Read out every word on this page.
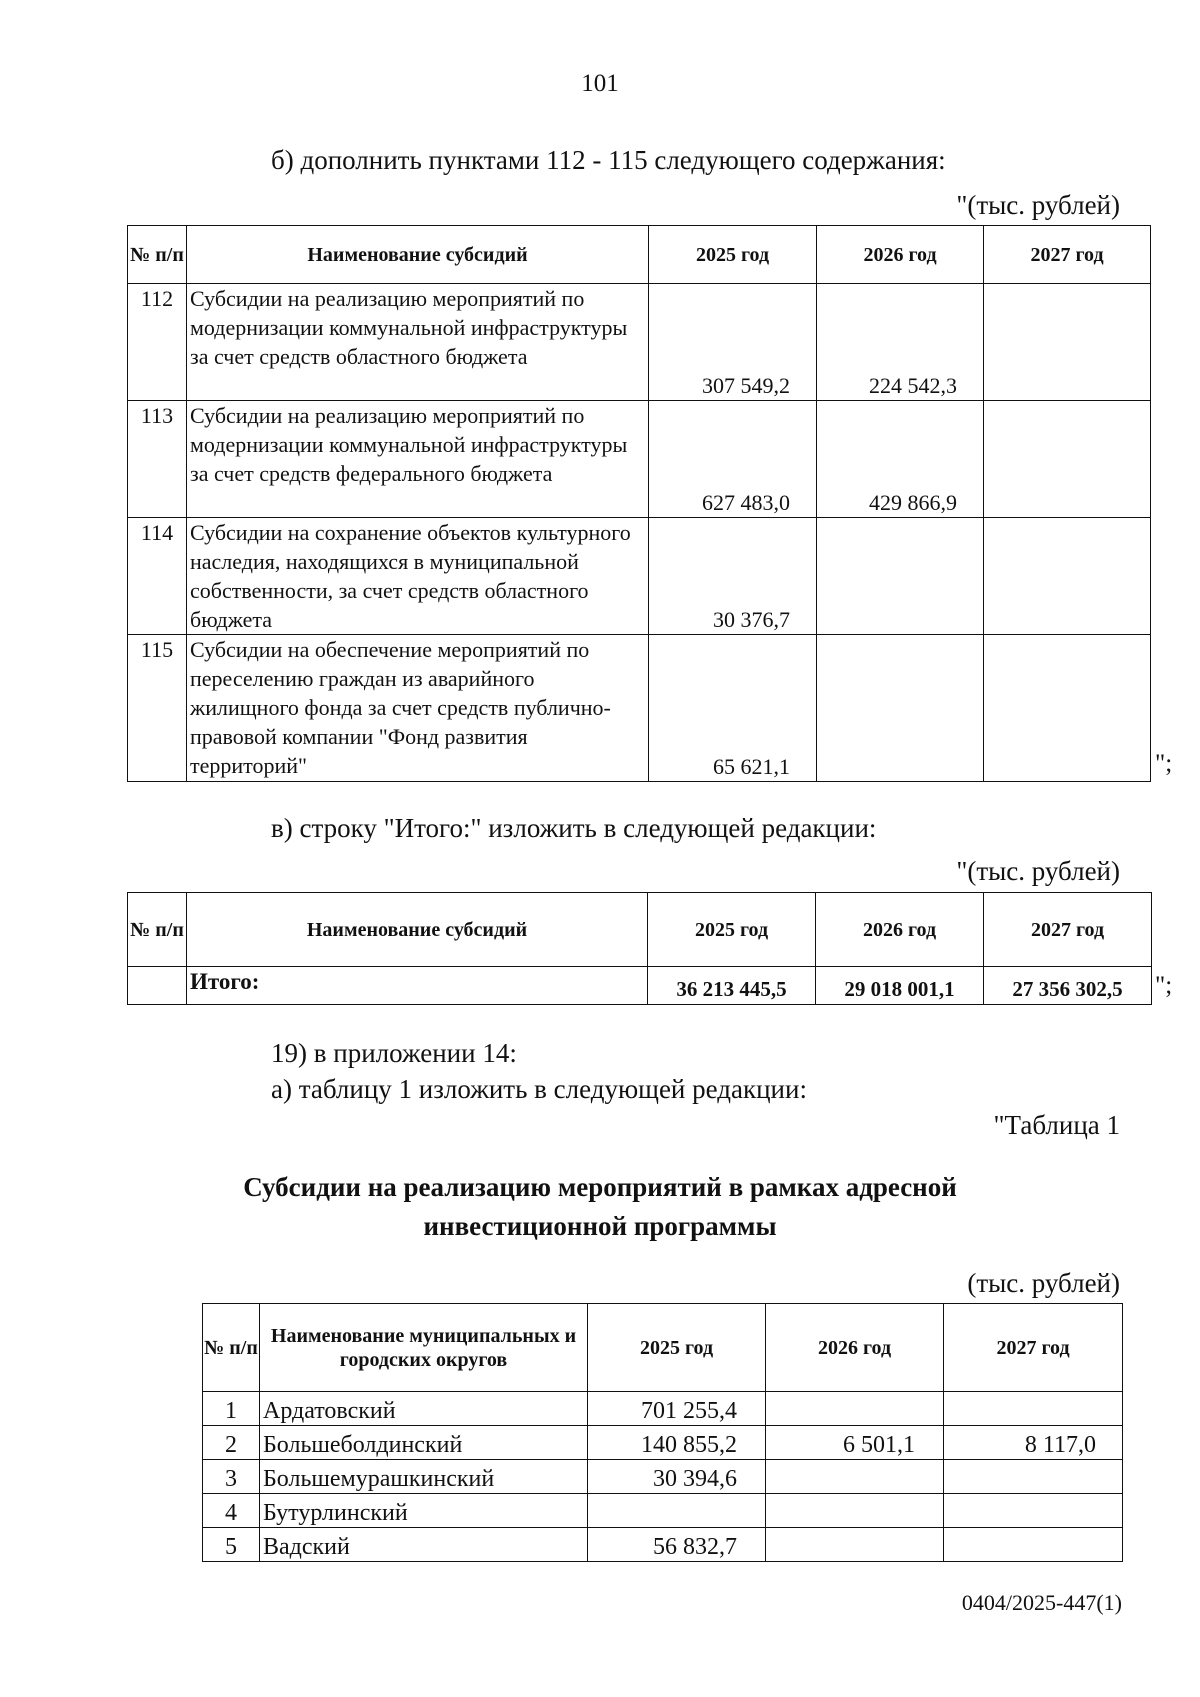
101
б) дополнить пунктами 112 - 115 следующего содержания:
"(тыс. рублей)
№ п/п	Наименование субсидий	2025 год	2026 год	2027 год
112	Субсидии на реализацию мероприятий по модернизации коммунальной инфраструктуры за счет средств областного бюджета	307 549,2	224 542,3	
113	Субсидии на реализацию мероприятий по модернизации коммунальной инфраструктуры за счет средств федерального бюджета	627 483,0	429 866,9	
114	Субсидии на сохранение объектов культурного наследия, находящихся в муниципальной собственности, за счет средств областного бюджета	30 376,7		
115	Субсидии на обеспечение мероприятий по переселению граждан из аварийного жилищного фонда за счет средств публично-правовой компании "Фонд развития территорий"	65 621,1			";
в) строку "Итого:" изложить в следующей редакции:
"(тыс. рублей)
№ п/п	Наименование субсидий	2025 год	2026 год	2027 год
	Итого:	36 213 445,5	29 018 001,1	27 356 302,5 ";
19) в приложении 14:
а) таблицу 1 изложить в следующей редакции:
"Таблица 1
Субсидии на реализацию мероприятий в рамках адресной
инвестиционной программы
(тыс. рублей)
№ п/п	Наименование муниципальных и городских округов	2025 год	2026 год	2027 год
1	Ардатовский	701 255,4		
2	Большеболдинский	140 855,2	6 501,1	8 117,0
3	Большемурашкинский	30 394,6		
4	Бутурлинский			
5	Вадский	56 832,7		
0404/2025-447(1)
